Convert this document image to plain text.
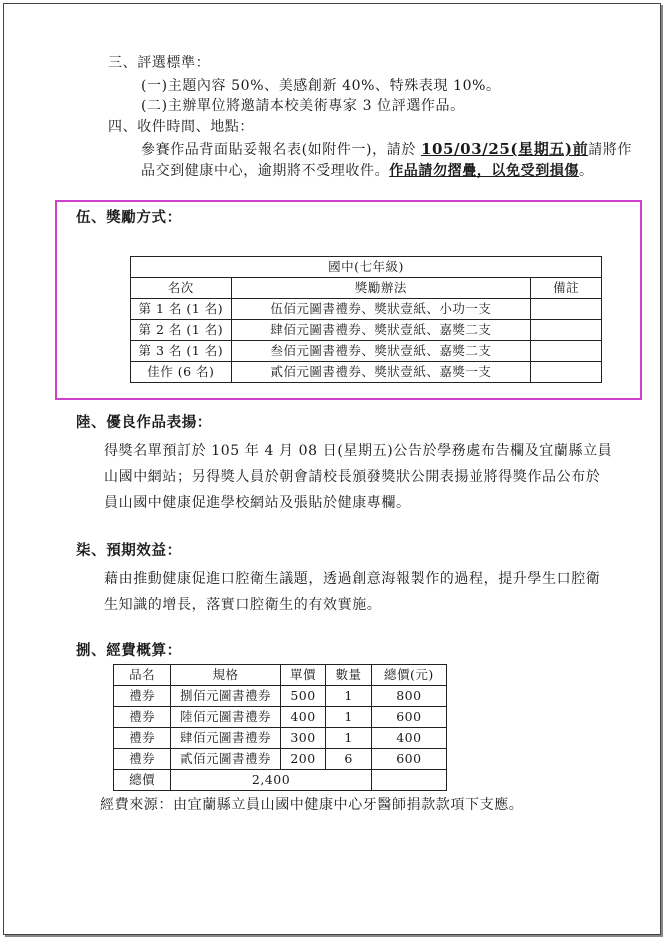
三、評選標準：
(一)主題內容 50%、美感創新 40%、特殊表現 10%。
(二)主辦單位將邀請本校美術專家 3 位評選作品。
四、收件時間、地點：
參賽作品背面貼妥報名表(如附件一)，請於 105/03/25(星期五)前請將作
品交到健康中心，逾期將不受理收件。作品請勿摺疊，以免受到損傷。
伍、獎勵方式：
國中(七年級)		
名次	獎勵辦法	備註
第 1 名 (1 名)	伍佰元圖書禮券、獎狀壹紙、小功一支	
第 2 名 (1 名)	肆佰元圖書禮券、獎狀壹紙、嘉獎二支	
第 3 名 (1 名)	叁佰元圖書禮券、獎狀壹紙、嘉獎二支	
佳作 (6 名)	貳佰元圖書禮券、獎狀壹紙、嘉獎一支	
陸、優良作品表揚：
得獎名單預訂於 105 年 4 月 08 日(星期五)公告於學務處布告欄及宜蘭縣立員
山國中網站；另得獎人員於朝會請校長頒發獎狀公開表揚並將得獎作品公布於
員山國中健康促進學校網站及張貼於健康專欄。
柒、預期效益：
藉由推動健康促進口腔衛生議題，透過創意海報製作的過程，提升學生口腔衛
生知識的增長，落實口腔衛生的有效實施。
捌、經費概算：
品名	規格	單價	數量	總價(元)
禮券	捌佰元圖書禮券	500	1	800
禮券	陸佰元圖書禮券	400	1	600
禮券	肆佰元圖書禮券	300	1	400
禮券	貳佰元圖書禮券	200	6	600
總價	2,400			
經費來源：由宜蘭縣立員山國中健康中心牙醫師捐款款項下支應。
